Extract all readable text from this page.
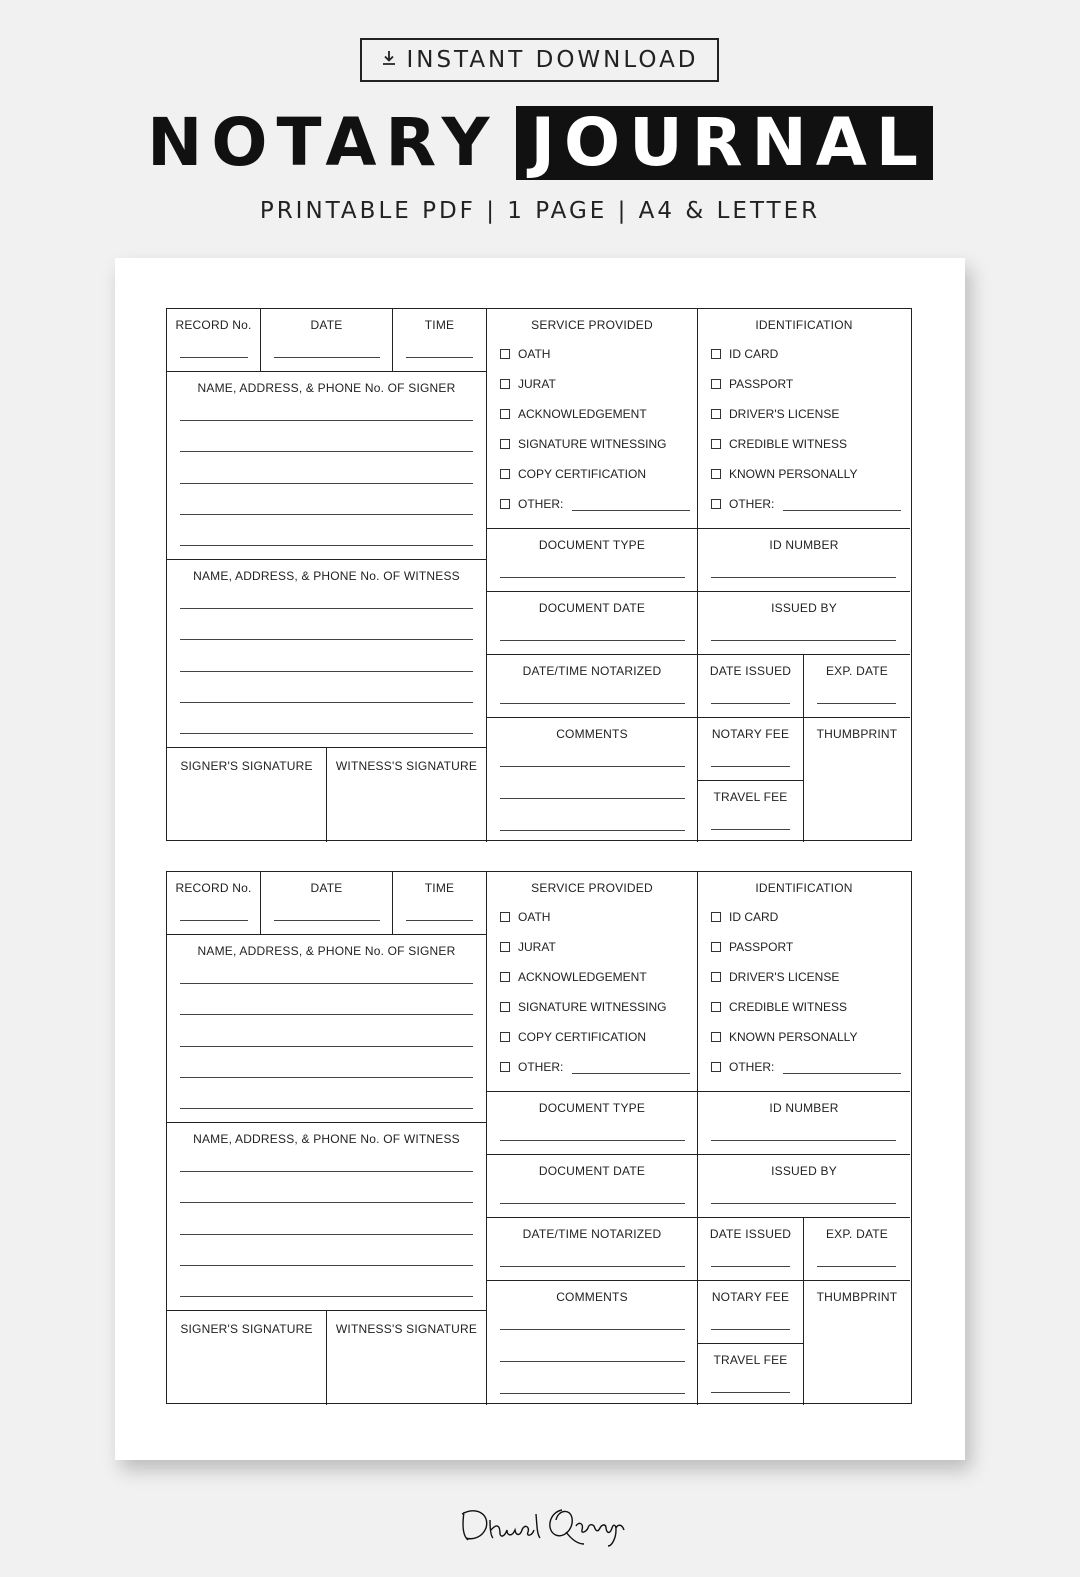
INSTANT DOWNLOAD
NOTARY JOURNAL
PRINTABLE PDF | 1 PAGE | A4 & LETTER
RECORD No.	DATE	TIME
NAME, ADDRESS, & PHONE No. OF SIGNER
NAME, ADDRESS, & PHONE No. OF WITNESS
SIGNER'S SIGNATURE	WITNESS'S SIGNATURE
SERVICE PROVIDED
OATH
JURAT
ACKNOWLEDGEMENT
SIGNATURE WITNESSING
COPY CERTIFICATION
OTHER:
IDENTIFICATION
ID CARD
PASSPORT
DRIVER'S LICENSE
CREDIBLE WITNESS
KNOWN PERSONALLY
OTHER:
DOCUMENT TYPE	ID NUMBER
DOCUMENT DATE	ISSUED BY
DATE/TIME NOTARIZED	DATE ISSUED	EXP. DATE
COMMENTS	NOTARY FEE
TRAVEL FEE
THUMBPRINT
RECORD No.	DATE	TIME
NAME, ADDRESS, & PHONE No. OF SIGNER
NAME, ADDRESS, & PHONE No. OF WITNESS
SIGNER'S SIGNATURE	WITNESS'S SIGNATURE
SERVICE PROVIDED
OATH
JURAT
ACKNOWLEDGEMENT
SIGNATURE WITNESSING
COPY CERTIFICATION
OTHER:
IDENTIFICATION
ID CARD
PASSPORT
DRIVER'S LICENSE
CREDIBLE WITNESS
KNOWN PERSONALLY
OTHER:
DOCUMENT TYPE	ID NUMBER
DOCUMENT DATE	ISSUED BY
DATE/TIME NOTARIZED	DATE ISSUED	EXP. DATE
COMMENTS	NOTARY FEE
TRAVEL FEE
THUMBPRINT
